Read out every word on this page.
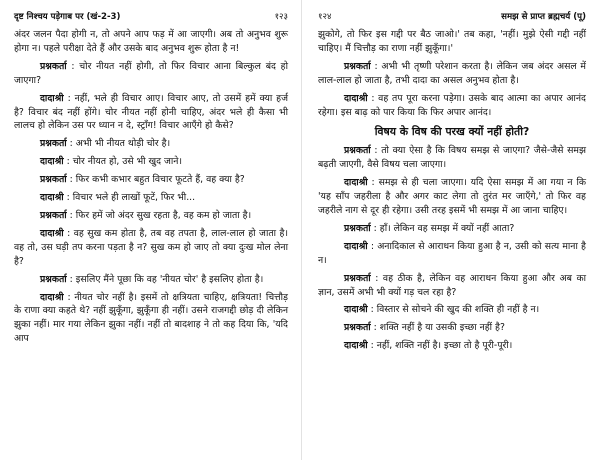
दृष्ट निश्चय पड़ेगाब पर (खं-2-3)	१२३
अंदर जलन पैदा होगी न, तो अपने आप फड़ में आ जाएगी। अब तो अनुभव शुरू होगा न। पहले परीक्षा देते हैं और उसके बाद अनुभव शुरू होता है न!
प्रश्नकर्ता : चोर नीयत नहीं होगी, तो फिर विचार आना बिल्कुल बंद हो जाएगा?
दादाश्री : नहीं, भले ही विचार आए। विचार आए, तो उसमें हमें क्या हर्ज है? विचार बंद नहीं होंगे। चोर नीयत नहीं होनी चाहिए, अंदर भले ही कैसा भी लालच हो लेकिन उस पर ध्यान न दे, स्ट्रॉंग! विचार आएँगे हो कैसे?
प्रश्नकर्ता : अभी भी नीयत थोड़ी चोर है।
दादाश्री : चोर नीयत हो, उसे भी खुद जाने।
प्रश्नकर्ता : फिर कभी कभार बहुत विचार फूटते हैं, वह क्या है?
दादाश्री : विचार भले ही लाखों फूटें, फिर भी...
प्रश्नकर्ता : फिर हमें जो अंदर सुख रहता है, वह कम हो जाता है।
दादाश्री : वह सुख कम होता है, तब वह तपता है, लाल-लाल हो जाता है। वह तो, उस घड़ी तप करना पड़ता है न? सुख कम हो जाए तो क्या दुःख मोल लेना है?
प्रश्नकर्ता : इसलिए मैंने पूछा कि वह 'नीयत चोर' है इसलिए होता है।
दादाश्री : नीयत चोर नहीं है। इसमें तो क्षत्रियता चाहिए, क्षत्रियता! चित्तौड़ के राणा क्या कहते थे? नहीं झुकूँगा, झुकूँगा ही नहीं। उसने राजगद्दी छोड़ दी लेकिन झुका नहीं। मार गया लेकिन झुका नहीं। नहीं तो बादशाह ने तो कह दिया कि, 'यदि आप
१२४	समझ से प्राप्त ब्रह्मचर्य (पू)
झुकोगे, तो फिर इस गद्दी पर बैठ जाओ।' तब कहा, 'नहीं। मुझे ऐसी गद्दी नहीं चाहिए। मैं चित्तौड़ का राणा नहीं झुकूँगा।'
प्रश्नकर्ता : अभी भी तृष्णी परेशान करता है। लेकिन जब अंदर असल में लाल-लाल हो जाता है, तभी दादा का असल अनुभव होता है।
दादाश्री : वह तप पूरा करना पड़ेगा। उसके बाद आत्मा का अपार आनंद रहेगा। इस बाढ़ को पार किया कि फिर अपार आनंद।
विषय के विष की परख क्यों नहीं होती?
प्रश्नकर्ता : तो क्या ऐसा है कि विषय समझ से जाएगा? जैसे-जैसे समझ बढ़ती जाएगी, वैसे विषय चला जाएगा।
दादाश्री : समझ से ही चला जाएगा। यदि ऐसा समझ में आ गया न कि 'यह साँप जहरीला है और अगर काट लेगा तो तुरंत मर जाएँगे,' तो फिर वह जहरीले नाग से दूर ही रहेगा। उसी तरह इसमें भी समझ में आ जाना चाहिए।
प्रश्नकर्ता : हाँ। लेकिन वह समझ में क्यों नहीं आता?
दादाश्री : अनादिकाल से आराधन किया हुआ है न, उसी को सत्य माना है न।
प्रश्नकर्ता : वह ठीक है, लेकिन वह आराधन किया हुआ और अब का ज्ञान, उसमें अभी भी क्यों गड़ चल रहा है?
दादाश्री : विस्तार से सोचने की खुद की शक्ति ही नहीं है न।
प्रश्नकर्ता : शक्ति नहीं है या उसकी इच्छा नहीं है?
दादाश्री : नहीं, शक्ति नहीं है। इच्छा तो है पूरी-पूरी।
